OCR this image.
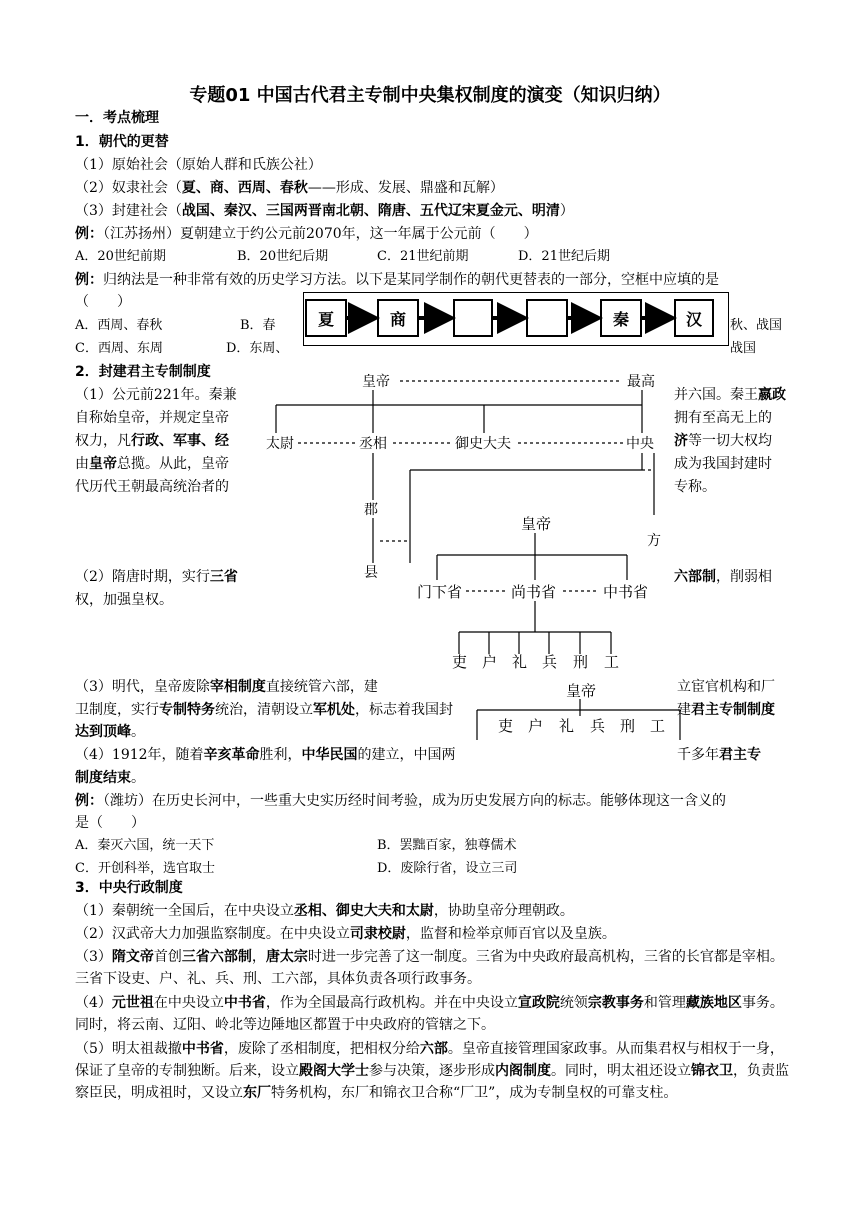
专题01 中国古代君主专制中央集权制度的演变（知识归纳）
一．考点梳理
1．朝代的更替
（1）原始社会（原始人群和氏族公社）
（2）奴隶社会（夏、商、西周、春秋——形成、发展、鼎盛和瓦解）
（3）封建社会（战国、秦汉、三国两晋南北朝、隋唐、五代辽宋夏金元、明清）
例：（江苏扬州）夏朝建立于约公元前2070年，这一年属于公元前（　　）
A．20世纪前期	B．20世纪后期	C．21世纪前期	D．21世纪后期
例：归纳法是一种非常有效的历史学习方法。以下是某同学制作的朝代更替表的一部分，空框中应填的是
（　　）
A．西周、春秋	B．春	秋、战国
C．西周、东周	D．东周、	战国
夏	商	秦	汉
2．封建君主专制制度
（1）公元前221年。秦兼	并六国。秦王嬴政
自称始皇帝，并规定皇帝	拥有至高无上的
权力，凡行政、军事、经	济等一切大权均
由皇帝总揽。从此，皇帝	成为我国封建时
代历代王朝最高统治者的	专称。
（2）隋唐时期，实行三省	六部制，削弱相
权，加强皇权。
（3）明代，皇帝废除宰相制度直接统管六部，建	立宦官机构和厂
卫制度，实行专制特务统治，清朝设立军机处，标志着我国封	建君主专制制度
达到顶峰。
（4）1912年，随着辛亥革命胜利，中华民国的建立，中国两	千多年君主专
制度结束。
例：（潍坊）在历史长河中，一些重大史实历经时间考验，成为历史发展方向的标志。能够体现这一含义的
是（　　）
A．秦灭六国，统一天下	B．罢黜百家，独尊儒术
C．开创科举，选官取士	D．废除行省，设立三司
皇帝	最高
太尉	丞相	御史大夫	中央
郡
县
方
皇帝
门下省	尚书省	中书省
吏 户 礼 兵 刑 工
皇帝
吏 户 礼 兵 刑 工
3．中央行政制度
（1）秦朝统一全国后，在中央设立丞相、御史大夫和太尉，协助皇帝分理朝政。
（2）汉武帝大力加强监察制度。在中央设立司隶校尉，监督和检举京师百官以及皇族。
（3）隋文帝首创三省六部制，唐太宗时进一步完善了这一制度。三省为中央政府最高机构，三省的长官都是宰相。三省下设吏、户、礼、兵、刑、工六部，具体负责各项行政事务。
（4）元世祖在中央设立中书省，作为全国最高行政机构。并在中央设立宣政院统领宗教事务和管理藏族地区事务。同时，将云南、辽阳、岭北等边陲地区都置于中央政府的管辖之下。
（5）明太祖裁撤中书省，废除了丞相制度，把相权分给六部。皇帝直接管理国家政事。从而集君权与相权于一身，保证了皇帝的专制独断。后来，设立殿阁大学士参与决策，逐步形成内阁制度。同时，明太祖还设立锦衣卫，负责监察臣民，明成祖时，又设立东厂特务机构，东厂和锦衣卫合称“厂卫”，成为专制皇权的可靠支柱。
